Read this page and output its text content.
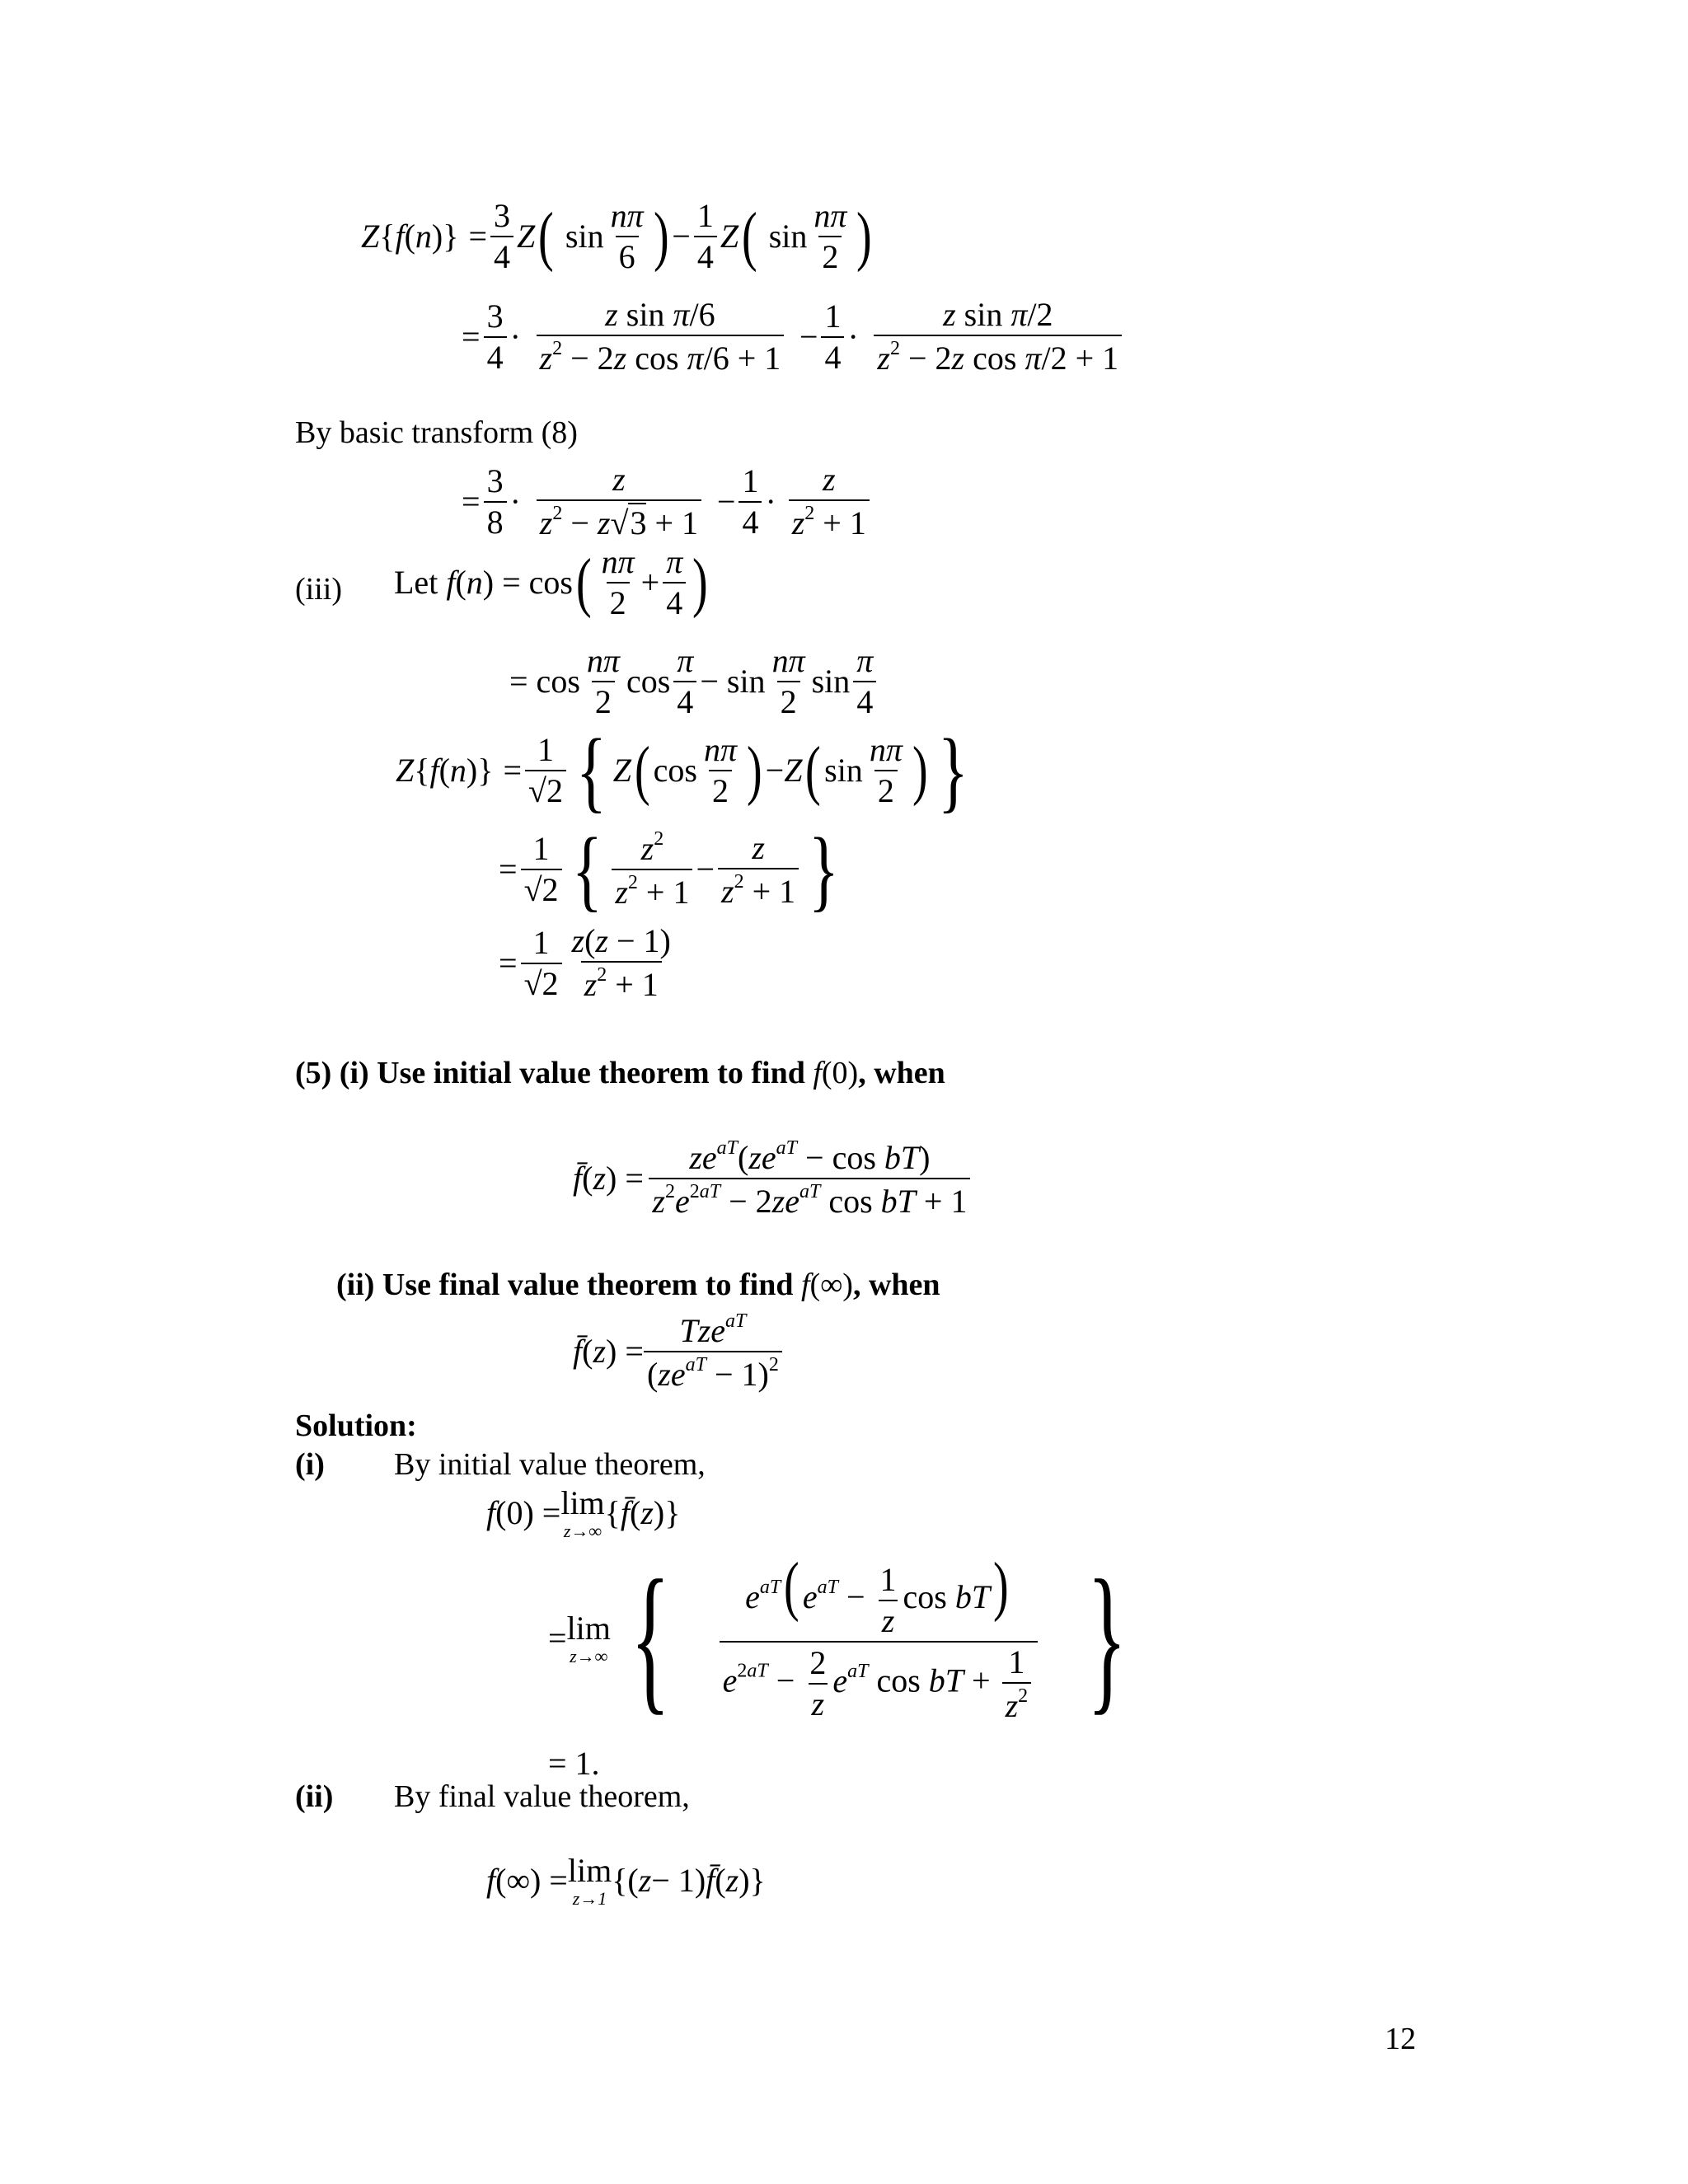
Z { f ( n )} = $\frac{3}{4}$ Z ( $\sin \frac{n\pi}{6}$ ) − $\frac{1}{4}$ Z ( $\sin \frac{n\pi}{2}$ )
= $\frac{3}{4} \cdot \frac{\text{z sin π/6}}{z^2 - 2z \cos \pi/6 + 1} - \frac{1}{4} \cdot \frac{\text{z sin π/2}}{z^2 - 2z \cos \pi/2 + 1}$
By basic transform (8)
= $\frac{3}{8} \cdot \frac{z}{z^2 - z√3 + 1} - \frac{1}{4} \cdot \frac{z}{z^2 + 1}$
(iii) Let
f ( n ) = cos ( $\frac{n\pi}{2} + \frac{\pi}{4}$ )
= $\cos \frac{n\pi}{2}$ $\cos \frac{\pi}{4} - \sin \frac{n\pi}{2}$ $\sin \frac{\pi}{4}$
Z { f ( n )} = $\frac{1}{√2}$ { Z ( $\cos \frac{n\pi}{2}$ ) − Z ( $\sin \frac{n\pi}{2}$ ) }
= $\frac{1}{√2}$ { $\frac{z^2}{z^2 + 1} - \frac{z}{z^2 + 1}$ }
= $\frac{1}{√2} \frac{z(z - 1)}{z^2 + 1}$
(5) (i) Use initial value theorem to find f(0), when
f̄ ( z ) = $\frac{ze^{aT}(ze^{aT} - \cos bT)}{z^2e^{2aT} - 2ze^{aT} \cos bT + 1}$
(ii) Use final value theorem to find f(∞), when
f̄ ( z ) = $\frac{Tze^{aT}}{(ze^{aT} - 1)^2}$
Solution:
(i) By initial value theorem,
f (0) = lim
z→∞ { f̄ ( z )}
= lim
z→∞ { $\frac{e^{aT}(e^{aT} - \frac{1}{z} \cos bT)}{e^{2aT} - \frac{2}{z} e^{aT} \cos bT + \frac{1}{z^2}}$ }
= 1.
(ii) By final value theorem,
f (∞) = lim
z→1 {( z − 1) f̄ ( z )}
12
